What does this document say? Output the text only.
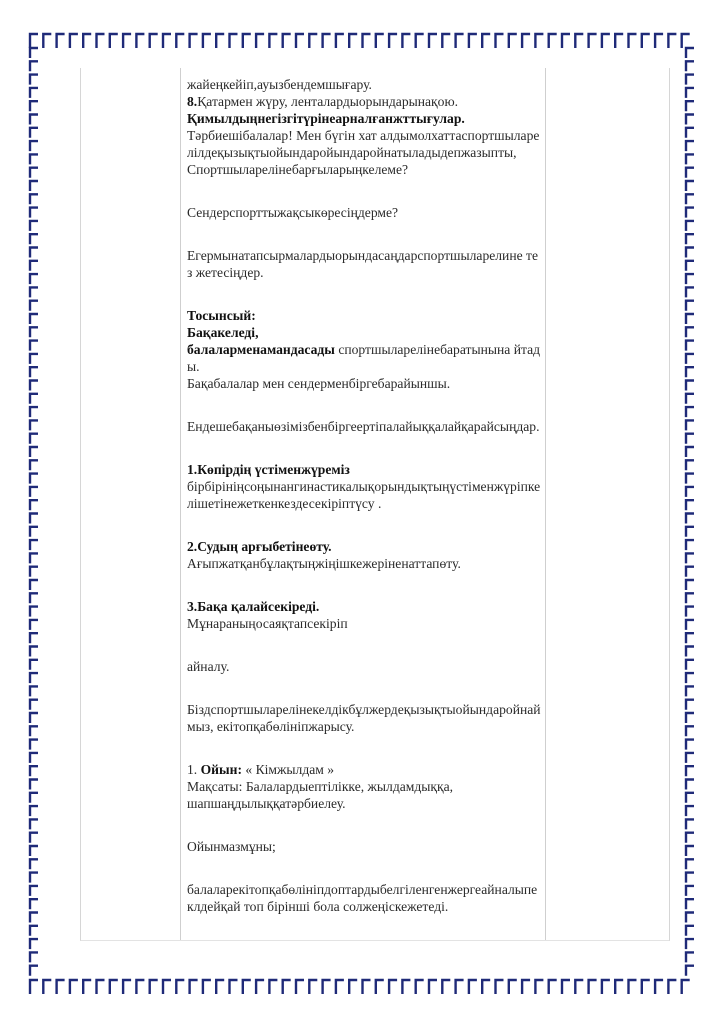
жайеңкейіп,ауызбендемшығару.

8.Қатармен жүру, ленталардыорындарынақою.

Қимылдыңнегізгітүрінеарналғанжттығулар.

Тәрбиешібалалар! Мен бүгін хат алдымолхаттаспортшыларелілдеқызықтыойындаройындаройнатыладыдепжазыпты,

Спортшыларелінебарғыларыңкелеме?

Сендерспорттыжақсыкөресіңдерме?

Егермынатапсырмалардыорындасаңдарспортшыларелине тез жетесіңдер.

Тосынсый:

Бақакеледі,

балаларменамандасады спортшыларелінебаратынына йтады.

Бақабалалар мен сендерменбіргебарайыншы.

Ендешебақаныөзімізбенбіргеертіпалайыққалайқарайсыңдар.

1.Көпірдің үстіменжүреміз

бірбірініңсоңынангинастикалықорындықтыңүстіменжүріпкелішетінежеткенкездесекіріптүсу .

2.Судың арғыбетінеөту.

Ағыпжатқанбұлақтыңжіңішкежеріненаттапөту.

3.Бақа қалайсекіреді.

Мұнараныңосаяқтапсекіріп

айналу.

Біздспортшыларелінекелдікбұлжердеқызықтыойындаройнаймыз, екітопқабөлініпжарысу.

1. Ойын: « Кімжылдам »

Мақсаты: Балалардыептілікке, жылдамдыққа, шапшаңдылыққатәрбиелеу.

Ойынмазмұны;

балаларекітопқабөлініпдоптардыбелгіленгенжергеайналыпеклдейқай топ бірінші бола солжеңіскежетеді.
